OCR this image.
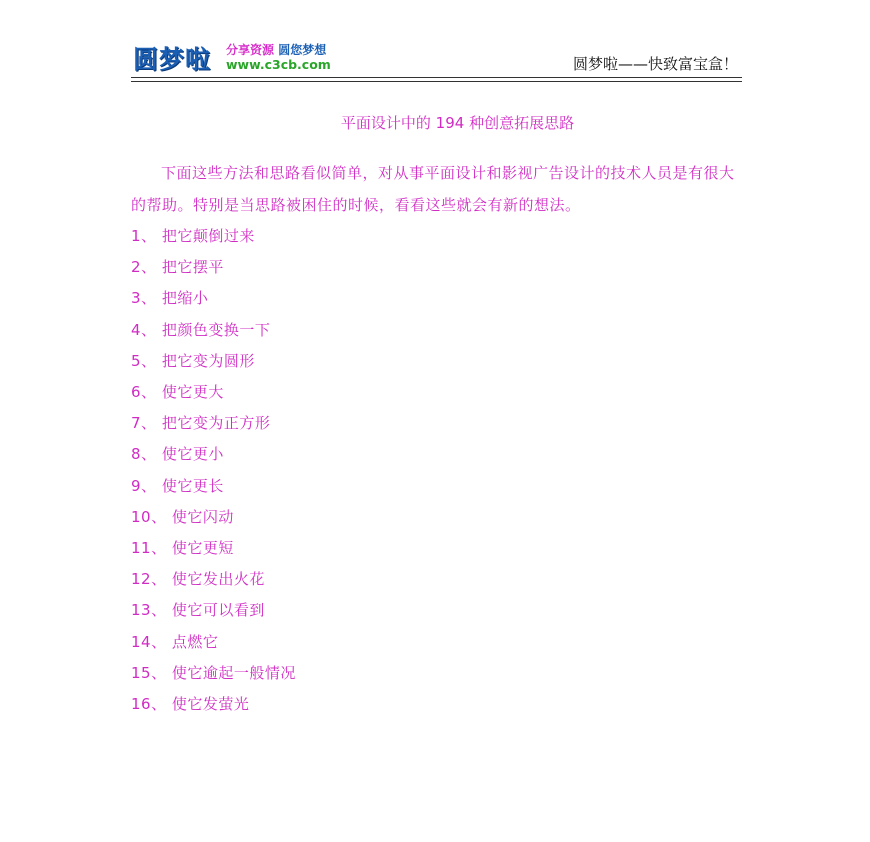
圆梦啦 分享资源 圆您梦想
www.c3cb.com	圆梦啦——快致富宝盒！

平面设计中的 194 种创意拓展思路

下面这些方法和思路看似简单，对从事平面设计和影视广告设计的技术人员是有很大的帮助。特别是当思路被困住的时候，看看这些就会有新的想法。

1、 把它颠倒过来
2、 把它摆平
3、 把缩小
4、 把颜色变换一下
5、 把它变为圆形
6、 使它更大
7、 把它变为正方形
8、 使它更小
9、 使它更长
10、 使它闪动
11、 使它更短
12、 使它发出火花
13、 使它可以看到
14、 点燃它
15、 使它逾起一般情况
16、 使它发萤光
